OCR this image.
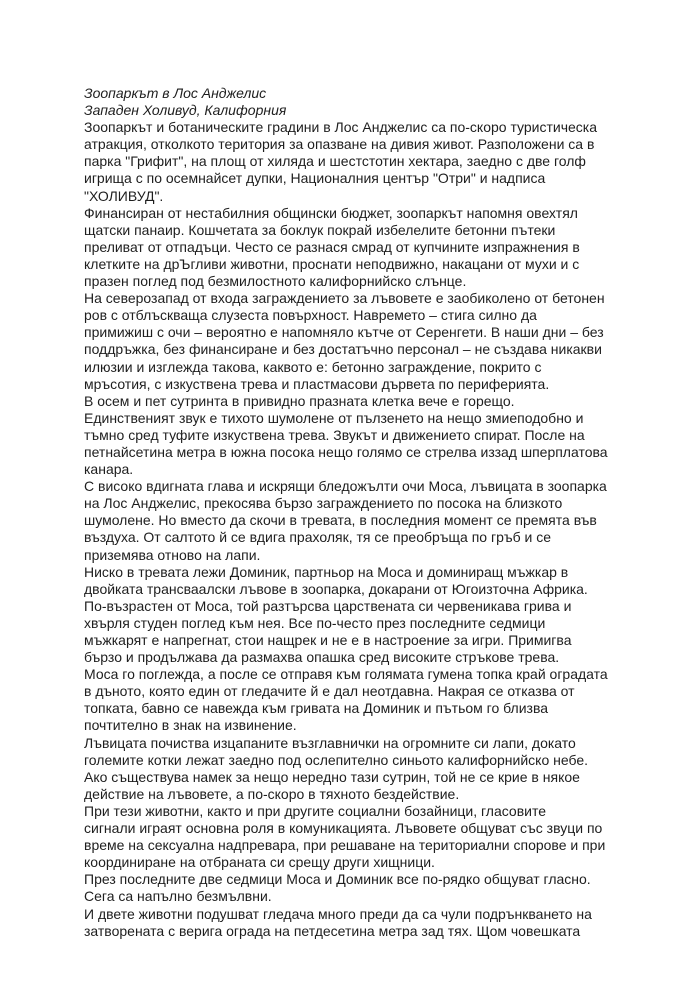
Зоопаркът в Лос Анджелис

Западен Холивуд, Калифорния

Зоопаркът и ботаническите градини в Лос Анджелис са по-скоро туристическа
атракция, отколкото територия за опазване на дивия живот. Разположени са в
парка "Грифит", на площ от хиляда и шестстотин хектара, заедно с две голф
игрища с по осемнайсет дупки, Националния център "Отри" и надписа
"ХОЛИВУД".

Финансиран от нестабилния общински бюджет, зоопаркът напомня овехтял
щатски панаир. Кошчетата за боклук покрай избелелите бетонни пътеки
преливат от отпадъци. Често се разнася смрад от купчините изпражнения в
клетките на дрЪгливи животни, проснати неподвижно, накацани от мухи и с
празен поглед под безмилостното калифорнийско слънце.

На северозапад от входа заграждението за лъвовете е заобиколено от бетонен
ров с отблъскваща слузеста повърхност. Навремето – стига силно да
примижиш с очи – вероятно е напомняло кътче от Серенгети. В наши дни – без
поддръжка, без финансиране и без достатъчно персонал – не създава никакви
илюзии и изглежда такова, каквото е: бетонно заграждение, покрито с
мръсотия, с изкуствена трева и пластмасови дървета по периферията.

В осем и пет сутринта в привидно празната клетка вече е горещо.
Единственият звук е тихото шумолене от пълзенето на нещо змиеподобно и
тъмно сред туфите изкуствена трева. Звукът и движението спират. После на
петнайсетина метра в южна посока нещо голямо се стрелва иззад шперплатова
канара.

С високо вдигната глава и искрящи бледожълти очи Моса, лъвицата в зоопарка
на Лос Анджелис, прекосява бързо заграждението по посока на близкото
шумолене. Но вместо да скочи в тревата, в последния момент се премята във
въздуха. От салтото й се вдига прахоляк, тя се преобръща по гръб и се
приземява отново на лапи.

Ниско в тревата лежи Доминик, партньор на Моса и доминиращ мъжкар в
двойката трансваалски лъвове в зоопарка, докарани от Югоизточна Африка.
По-възрастен от Моса, той разтърсва царствената си червеникава грива и
хвърля студен поглед към нея. Все по-често през последните седмици
мъжкарят е напрегнат, стои нащрек и не е в настроение за игри. Примигва
бързо и продължава да размахва опашка сред високите стръкове трева.

Моса го поглежда, а после се отправя към голямата гумена топка край оградата
в дъното, която един от гледачите й е дал неотдавна. Накрая се отказва от
топката, бавно се навежда към гривата на Доминик и пътьом го близва
почтително в знак на извинение.

Лъвицата почиства изцапаните възглавнички на огромните си лапи, докато
големите котки лежат заедно под ослепително синьото калифорнийско небе.
Ако съществува намек за нещо нередно тази сутрин, той не се крие в някое
действие на лъвовете, а по-скоро в тяхното бездействие.

При тези животни, както и при другите социални бозайници, гласовите
сигнали играят основна роля в комуникацията. Лъвовете общуват със звуци по
време на сексуална надпревара, при решаване на териториални спорове и при
координиране на отбраната си срещу други хищници.

През последните две седмици Моса и Доминик все по-рядко общуват гласно.
Сега са напълно безмълвни.

И двете животни подушват гледача много преди да са чули подрънкването на
затворената с верига ограда на петдесетина метра зад тях. Щом човешката
